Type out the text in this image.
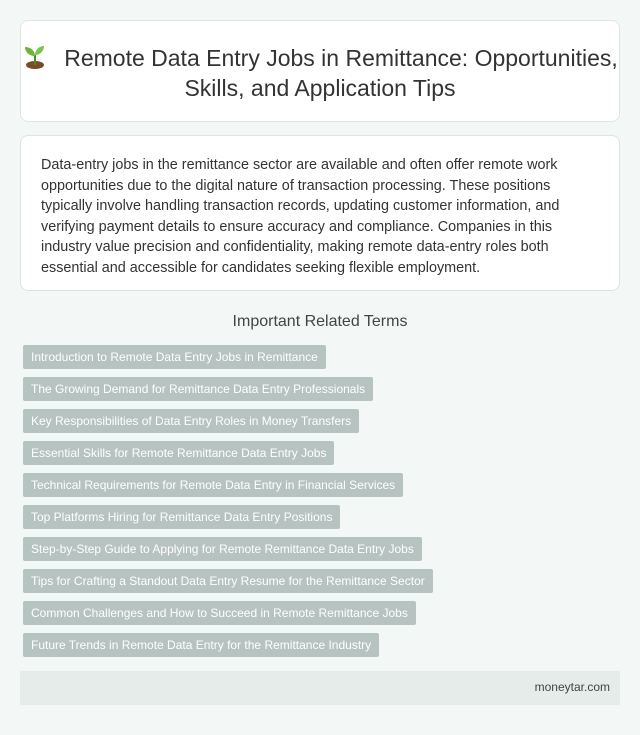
Remote Data Entry Jobs in Remittance: Opportunities, Skills, and Application Tips

Data-entry jobs in the remittance sector are available and often offer remote work opportunities due to the digital nature of transaction processing. These positions typically involve handling transaction records, updating customer information, and verifying payment details to ensure accuracy and compliance. Companies in this industry value precision and confidentiality, making remote data-entry roles both essential and accessible for candidates seeking flexible employment.

Important Related Terms
Introduction to Remote Data Entry Jobs in Remittance
The Growing Demand for Remittance Data Entry Professionals
Key Responsibilities of Data Entry Roles in Money Transfers
Essential Skills for Remote Remittance Data Entry Jobs
Technical Requirements for Remote Data Entry in Financial Services
Top Platforms Hiring for Remittance Data Entry Positions
Step-by-Step Guide to Applying for Remote Remittance Data Entry Jobs
Tips for Crafting a Standout Data Entry Resume for the Remittance Sector
Common Challenges and How to Succeed in Remote Remittance Jobs
Future Trends in Remote Data Entry for the Remittance Industry
moneytar.com
